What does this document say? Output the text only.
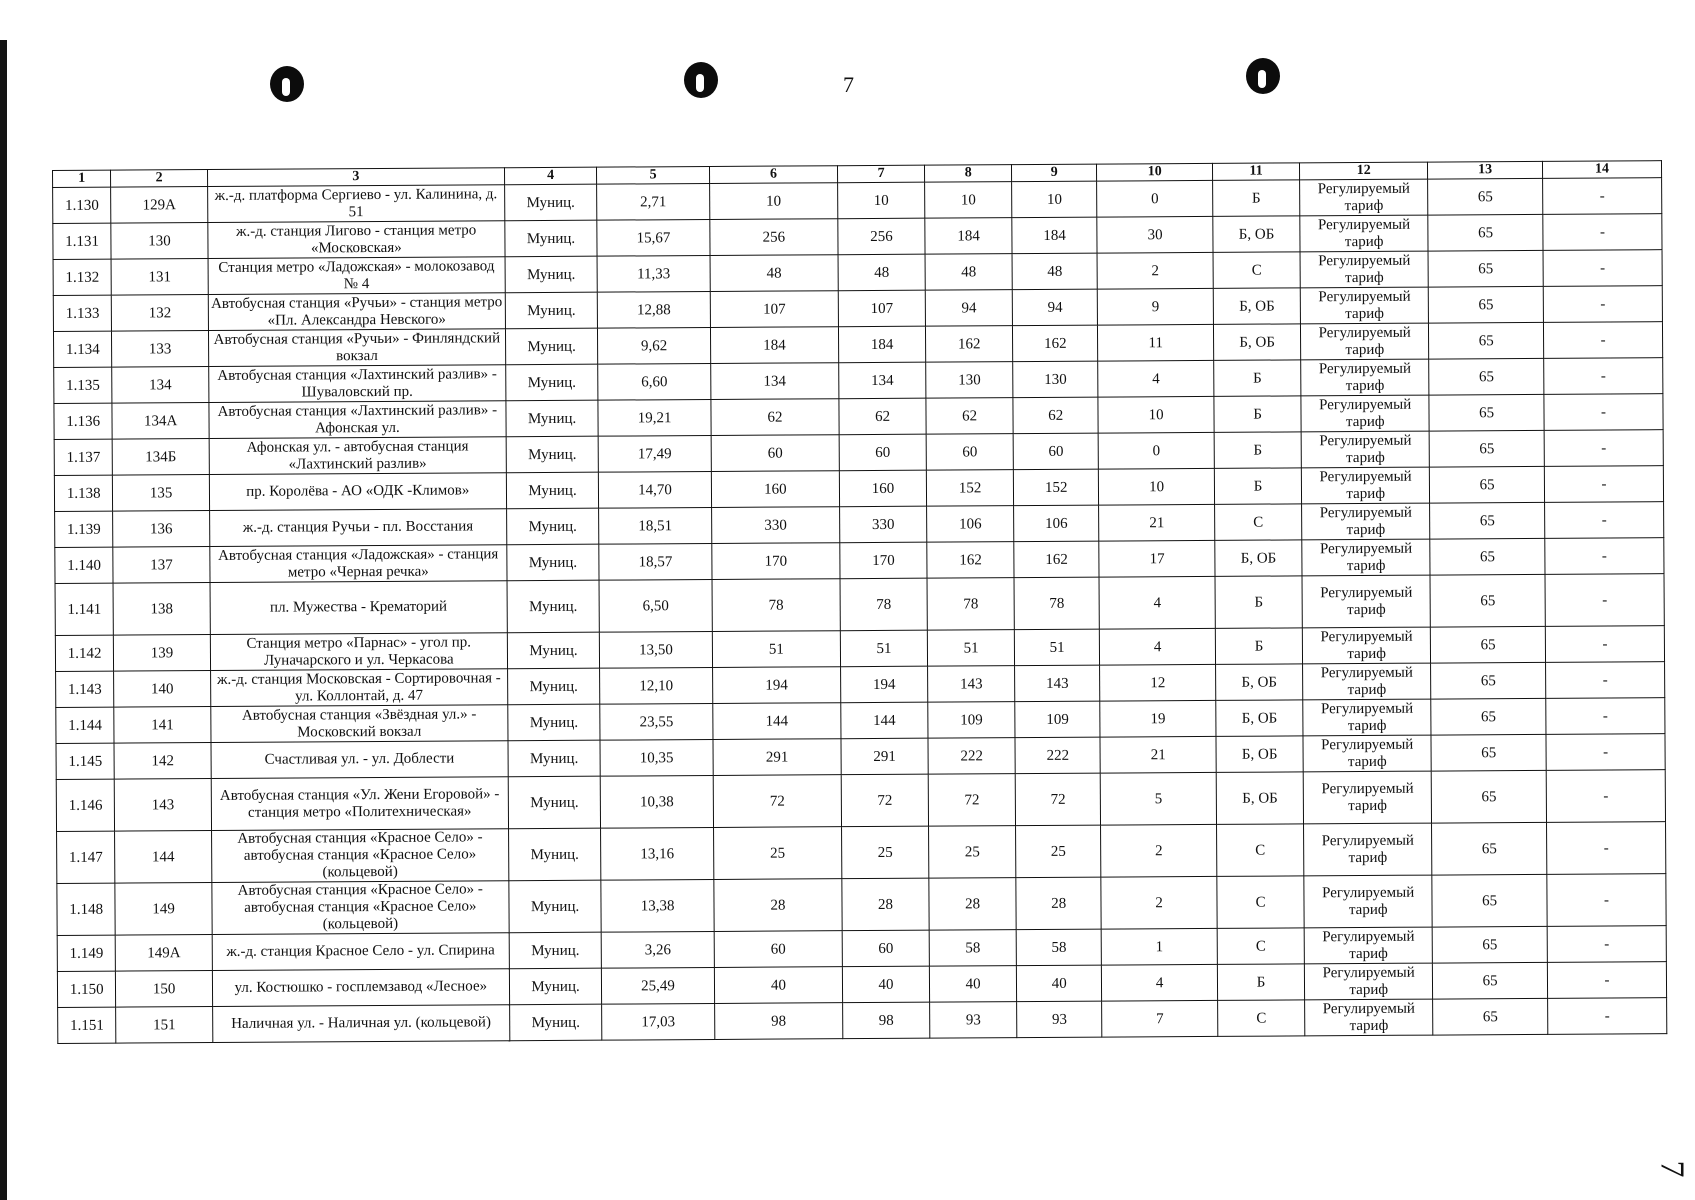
7
7
1	2	3	4	5	6	7	8	9	10	11	12	13	14
1.130	129А	ж.-д. платформа Сергиево - ул. Калинина, д. 51	Муниц.	2,71	10	10	10	10	0	Б	Регулируемый тариф	65	-
1.131	130	ж.-д. станция Лигово - станция метро «Московская»	Муниц.	15,67	256	256	184	184	30	Б, ОБ	Регулируемый тариф	65	-
1.132	131	Станция метро «Ладожская» - молокозавод № 4	Муниц.	11,33	48	48	48	48	2	С	Регулируемый тариф	65	-
1.133	132	Автобусная станция «Ручьи» - станция метро «Пл. Александра Невского»	Муниц.	12,88	107	107	94	94	9	Б, ОБ	Регулируемый тариф	65	-
1.134	133	Автобусная станция «Ручьи» - Финляндский вокзал	Муниц.	9,62	184	184	162	162	11	Б, ОБ	Регулируемый тариф	65	-
1.135	134	Автобусная станция «Лахтинский разлив» - Шуваловский пр.	Муниц.	6,60	134	134	130	130	4	Б	Регулируемый тариф	65	-
1.136	134А	Автобусная станция «Лахтинский разлив» - Афонская ул.	Муниц.	19,21	62	62	62	62	10	Б	Регулируемый тариф	65	-
1.137	134Б	Афонская ул. - автобусная станция «Лахтинский разлив»	Муниц.	17,49	60	60	60	60	0	Б	Регулируемый тариф	65	-
1.138	135	пр. Королёва - АО «ОДК -Климов»	Муниц.	14,70	160	160	152	152	10	Б	Регулируемый тариф	65	-
1.139	136	ж.-д. станция Ручьи - пл. Восстания	Муниц.	18,51	330	330	106	106	21	С	Регулируемый тариф	65	-
1.140	137	Автобусная станция «Ладожская» - станция метро «Черная речка»	Муниц.	18,57	170	170	162	162	17	Б, ОБ	Регулируемый тариф	65	-
1.141	138	пл. Мужества - Крематорий	Муниц.	6,50	78	78	78	78	4	Б	Регулируемый тариф	65	-
1.142	139	Станция метро «Парнас» - угол пр. Луначарского и ул. Черкасова	Муниц.	13,50	51	51	51	51	4	Б	Регулируемый тариф	65	-
1.143	140	ж.-д. станция Московская - Сортировочная - ул. Коллонтай, д. 47	Муниц.	12,10	194	194	143	143	12	Б, ОБ	Регулируемый тариф	65	-
1.144	141	Автобусная станция «Звёздная ул.» - Московский вокзал	Муниц.	23,55	144	144	109	109	19	Б, ОБ	Регулируемый тариф	65	-
1.145	142	Счастливая ул. - ул. Доблести	Муниц.	10,35	291	291	222	222	21	Б, ОБ	Регулируемый тариф	65	-
1.146	143	Автобусная станция «Ул. Жени Егоровой» - станция метро «Политехническая»	Муниц.	10,38	72	72	72	72	5	Б, ОБ	Регулируемый тариф	65	-
1.147	144	Автобусная станция «Красное Село» - автобусная станция «Красное Село» (кольцевой)	Муниц.	13,16	25	25	25	25	2	С	Регулируемый тариф	65	-
1.148	149	Автобусная станция «Красное Село» - автобусная станция «Красное Село» (кольцевой)	Муниц.	13,38	28	28	28	28	2	С	Регулируемый тариф	65	-
1.149	149А	ж.-д. станция Красное Село - ул. Спирина	Муниц.	3,26	60	60	58	58	1	С	Регулируемый тариф	65	-
1.150	150	ул. Костюшко - госплемзавод «Лесное»	Муниц.	25,49	40	40	40	40	4	Б	Регулируемый тариф	65	-
1.151	151	Наличная ул. - Наличная ул. (кольцевой)	Муниц.	17,03	98	98	93	93	7	С	Регулируемый тариф	65	-
